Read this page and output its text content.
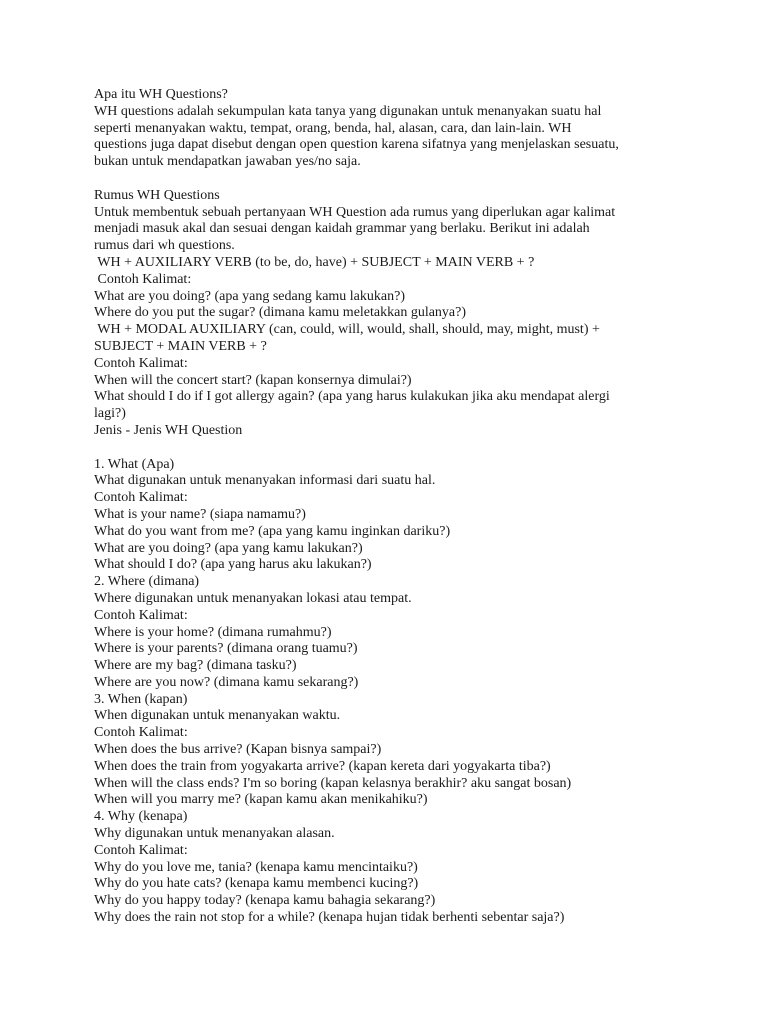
Apa itu WH Questions?
WH questions adalah sekumpulan kata tanya yang digunakan untuk menanyakan suatu hal
seperti menanyakan waktu, tempat, orang, benda, hal, alasan, cara, dan lain-lain. WH
questions juga dapat disebut dengan open question karena sifatnya yang menjelaskan sesuatu,
bukan untuk mendapatkan jawaban yes/no saja.
Rumus WH Questions
Untuk membentuk sebuah pertanyaan WH Question ada rumus yang diperlukan agar kalimat
menjadi masuk akal dan sesuai dengan kaidah grammar yang berlaku. Berikut ini adalah
rumus dari wh questions.
WH + AUXILIARY VERB (to be, do, have) + SUBJECT + MAIN VERB + ?
Contoh Kalimat:
What are you doing? (apa yang sedang kamu lakukan?)
Where do you put the sugar? (dimana kamu meletakkan gulanya?)
WH + MODAL AUXILIARY (can, could, will, would, shall, should, may, might, must) +
SUBJECT + MAIN VERB + ?
Contoh Kalimat:
When will the concert start? (kapan konsernya dimulai?)
What should I do if I got allergy again? (apa yang harus kulakukan jika aku mendapat alergi
lagi?)
Jenis - Jenis WH Question
1. What (Apa)
What digunakan untuk menanyakan informasi dari suatu hal.
Contoh Kalimat:
What is your name? (siapa namamu?)
What do you want from me? (apa yang kamu inginkan dariku?)
What are you doing? (apa yang kamu lakukan?)
What should I do? (apa yang harus aku lakukan?)
2. Where (dimana)
Where digunakan untuk menanyakan lokasi atau tempat.
Contoh Kalimat:
Where is your home? (dimana rumahmu?)
Where is your parents? (dimana orang tuamu?)
Where are my bag? (dimana tasku?)
Where are you now? (dimana kamu sekarang?)
3. When (kapan)
When digunakan untuk menanyakan waktu.
Contoh Kalimat:
When does the bus arrive? (Kapan bisnya sampai?)
When does the train from yogyakarta arrive? (kapan kereta dari yogyakarta tiba?)
When will the class ends? I'm so boring (kapan kelasnya berakhir? aku sangat bosan)
When will you marry me? (kapan kamu akan menikahiku?)
4. Why (kenapa)
Why digunakan untuk menanyakan alasan.
Contoh Kalimat:
Why do you love me, tania? (kenapa kamu mencintaiku?)
Why do you hate cats? (kenapa kamu membenci kucing?)
Why do you happy today? (kenapa kamu bahagia sekarang?)
Why does the rain not stop for a while? (kenapa hujan tidak berhenti sebentar saja?)
